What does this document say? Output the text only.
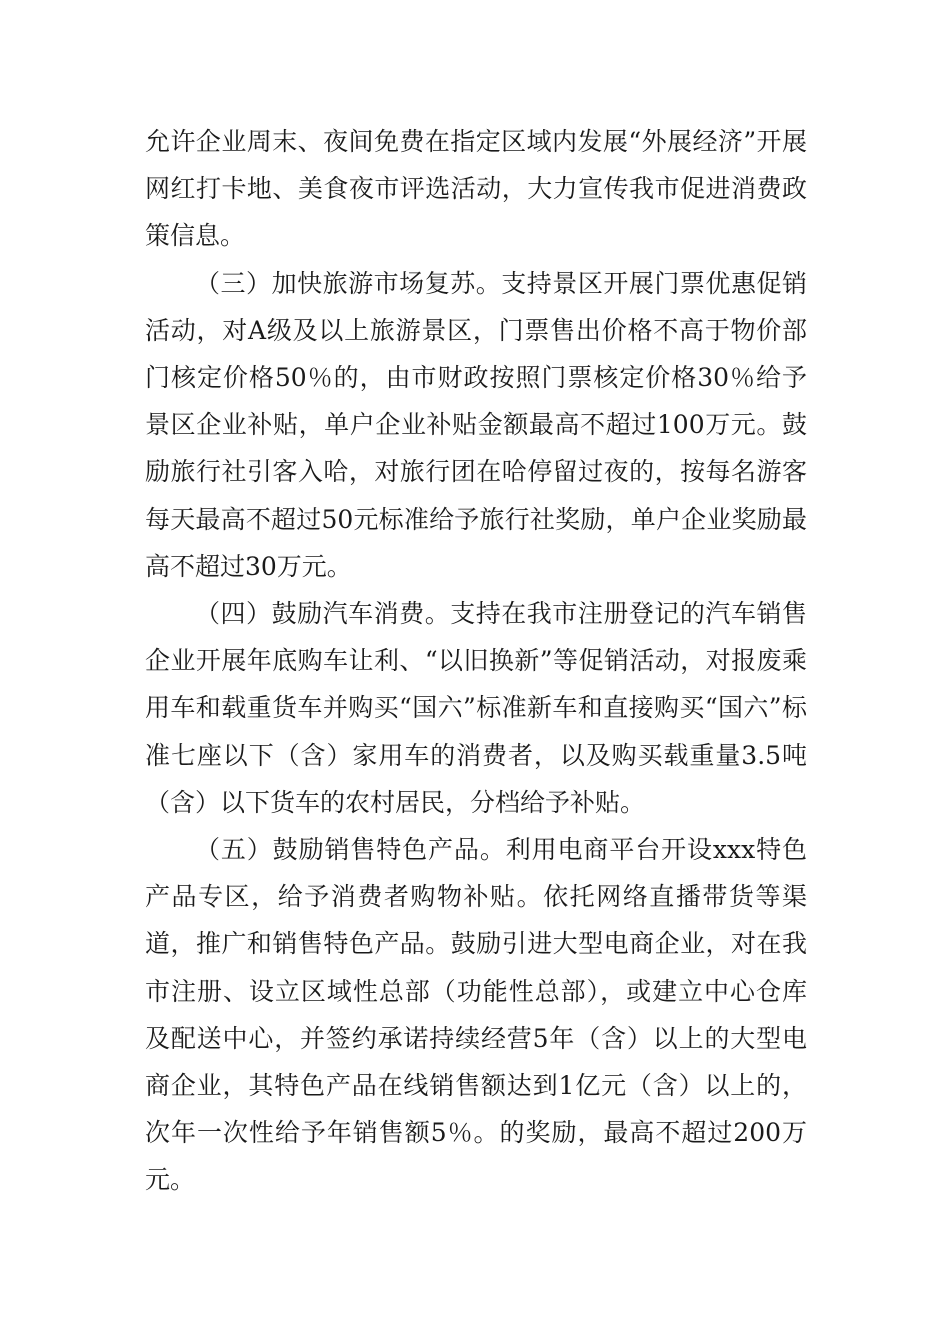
允许企业周末、夜间免费在指定区域内发展“外展经济”开展网红打卡地、美食夜市评选活动，大力宣传我市促进消费政策信息。

（三）加快旅游市场复苏。支持景区开展门票优惠促销活动，对A级及以上旅游景区，门票售出价格不高于物价部门核定价格50％的，由市财政按照门票核定价格30％给予景区企业补贴，单户企业补贴金额最高不超过100万元。鼓励旅行社引客入哈，对旅行团在哈停留过夜的，按每名游客每天最高不超过50元标准给予旅行社奖励，单户企业奖励最高不超过30万元。

（四）鼓励汽车消费。支持在我市注册登记的汽车销售企业开展年底购车让利、“以旧换新”等促销活动，对报废乘用车和载重货车并购买“国六”标准新车和直接购买“国六”标准七座以下（含）家用车的消费者，以及购买载重量3.5吨（含）以下货车的农村居民，分档给予补贴。

（五）鼓励销售特色产品。利用电商平台开设xxx特色产品专区，给予消费者购物补贴。依托网络直播带货等渠道，推广和销售特色产品。鼓励引进大型电商企业，对在我市注册、设立区域性总部（功能性总部），或建立中心仓库及配送中心，并签约承诺持续经营5年（含）以上的大型电商企业，其特色产品在线销售额达到1亿元（含）以上的，次年一次性给予年销售额5％。的奖励，最高不超过200万元。
